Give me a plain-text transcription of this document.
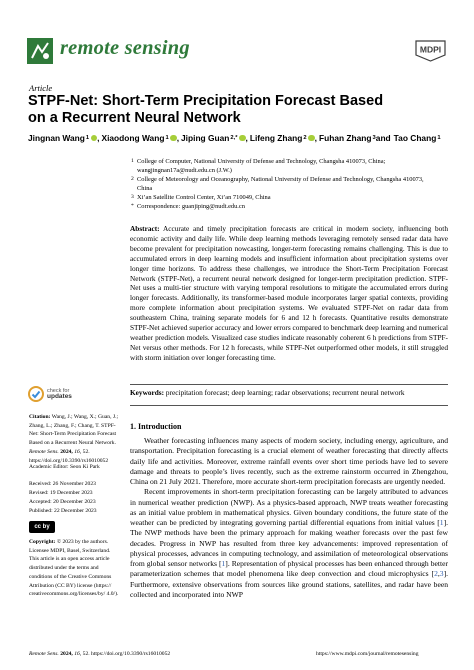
remote sensing	MDPI
Article
STPF-Net: Short-Term Precipitation Forecast Based
on a Recurrent Neural Network
Jingnan Wang 1 , Xiaodong Wang 1 , Jiping Guan 2,* , Lifeng Zhang 2 , Fuhan Zhang 3 and Tao Chang 1
1 College of Computer, National University of Defense and Technology, Changsha 410073, China; wangjingnan17a@nudt.edu.cn (J.W.)
2 College of Meteorology and Oceanography, National University of Defense and Technology, Changsha 410073, China
3 Xi’an Satellite Control Center, Xi’an 710049, China
* Correspondence: guanjiping@nudt.edu.cn
Abstract: Accurate and timely precipitation forecasts are critical in modern society, influencing both economic activity and daily life. While deep learning methods leveraging remotely sensed radar data have become prevalent for precipitation nowcasting, longer-term forecasting remains challenging. This is due to accumulated errors in deep learning models and insufficient information about precipitation systems over longer time horizons. To address these challenges, we introduce the Short-Term Precipitation Forecast Network (STPF-Net), a recurrent neural network designed for longer-term precipitation prediction. STPF-Net uses a multi-tier structure with varying temporal resolutions to mitigate the accumulated errors during longer forecasts. Additionally, its transformer-based module incorporates larger spatial contexts, providing more complete information about precipitation systems. We evaluated STPF-Net on radar data from southeastern China, training separate models for 6 and 12 h forecasts. Quantitative results demonstrate STPF-Net achieved superior accuracy and lower errors compared to benchmark deep learning and numerical weather prediction models. Visualized case studies indicate reasonably coherent 6 h predictions from STPF-Net versus other methods. For 12 h forecasts, while STPF-Net outperformed other models, it still struggled with storm initiation over longer forecasting time.
Keywords: precipitation forecast; deep learning; radar observations; recurrent neural network
check for
updates
Citation: Wang, J.; Wang, X.; Guan, J.; Zhang, L.; Zhang, F.; Chang, T. STPF-Net: Short-Term Precipitation Forecast Based on a Recurrent Neural Network. Remote Sens. 2024, 16, 52. https://doi.org/10.3390/rs16010052
Academic Editor: Seon Ki Park
Received: 26 November 2023
Revised: 19 December 2023
Accepted: 20 December 2023
Published: 22 December 2023
cc by
Copyright: © 2023 by the authors. Licensee MDPI, Basel, Switzerland. This article is an open access article distributed under the terms and conditions of the Creative Commons Attribution (CC BY) license (https:// creativecommons.org/licenses/by/ 4.0/).
1. Introduction

Weather forecasting influences many aspects of modern society, including energy, agriculture, and transportation. Precipitation forecasting is a crucial element of weather forecasting that directly affects daily life and activities. Moreover, extreme rainfall events over short time periods have led to severe damage and threats to people’s lives recently, such as the extreme rainstorm occurred in Zhengzhou, China on 21 July 2021. Therefore, more accurate short-term precipitation forecasts are urgently needed.

Recent improvements in short-term precipitation forecasting can be largely attributed to advances in numerical weather prediction (NWP). As a physics-based approach, NWP treats weather forecasting as an initial value problem in mathematical physics. Given boundary conditions, the future state of the weather can be predicted by integrating governing partial differential equations from initial values [1]. The NWP methods have been the primary approach for making weather forecasts over the past few decades. Progress in NWP has resulted from three key advancements: improved representation of physical processes, advances in computing technology, and assimilation of meteorological observations from global sensor networks [1]. Representation of physical processes has been enhanced through better parameterization schemes that model phenomena like deep convection and cloud microphysics [2,3]. Furthermore, extensive observations from sources like ground stations, satellites, and radar have been collected and incorporated into NWP

Remote Sens. 2024, 16, 52. https://doi.org/10.3390/rs16010052	https://www.mdpi.com/journal/remotesensing
